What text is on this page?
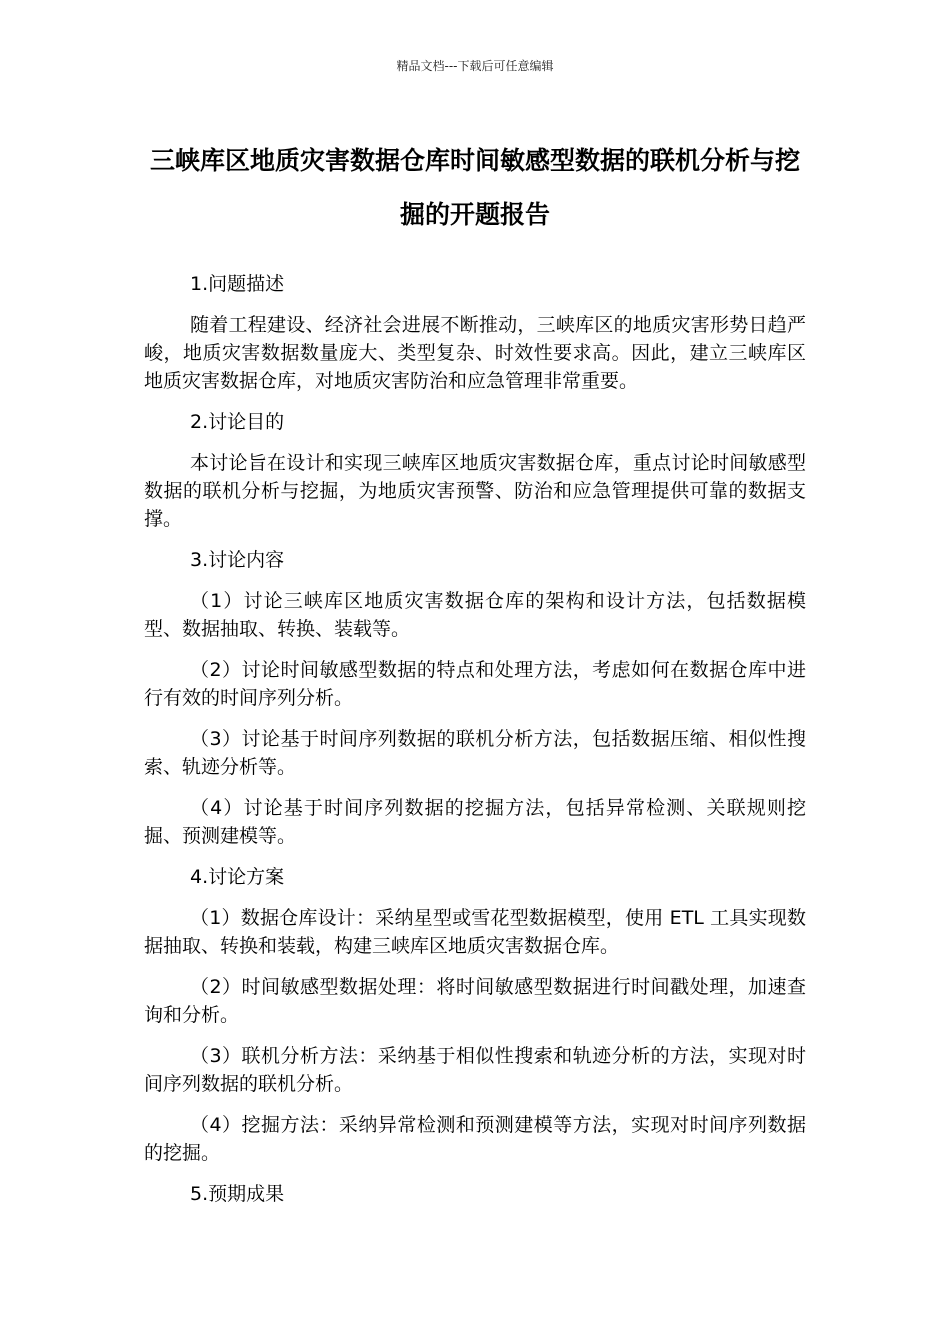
精品文档---下载后可任意编辑
三峡库区地质灾害数据仓库时间敏感型数据的联机分析与挖掘的开题报告
1.问题描述
随着工程建设、经济社会进展不断推动，三峡库区的地质灾害形势日趋严峻，地质灾害数据数量庞大、类型复杂、时效性要求高。因此，建立三峡库区地质灾害数据仓库，对地质灾害防治和应急管理非常重要。
2.讨论目的
本讨论旨在设计和实现三峡库区地质灾害数据仓库，重点讨论时间敏感型数据的联机分析与挖掘，为地质灾害预警、防治和应急管理提供可靠的数据支撑。
3.讨论内容
（1）讨论三峡库区地质灾害数据仓库的架构和设计方法，包括数据模型、数据抽取、转换、装载等。
（2）讨论时间敏感型数据的特点和处理方法，考虑如何在数据仓库中进行有效的时间序列分析。
（3）讨论基于时间序列数据的联机分析方法，包括数据压缩、相似性搜索、轨迹分析等。
（4）讨论基于时间序列数据的挖掘方法，包括异常检测、关联规则挖掘、预测建模等。
4.讨论方案
（1）数据仓库设计：采纳星型或雪花型数据模型，使用 ETL 工具实现数据抽取、转换和装载，构建三峡库区地质灾害数据仓库。
（2）时间敏感型数据处理：将时间敏感型数据进行时间戳处理，加速查询和分析。
（3）联机分析方法：采纳基于相似性搜索和轨迹分析的方法，实现对时间序列数据的联机分析。
（4）挖掘方法：采纳异常检测和预测建模等方法，实现对时间序列数据的挖掘。
5.预期成果
